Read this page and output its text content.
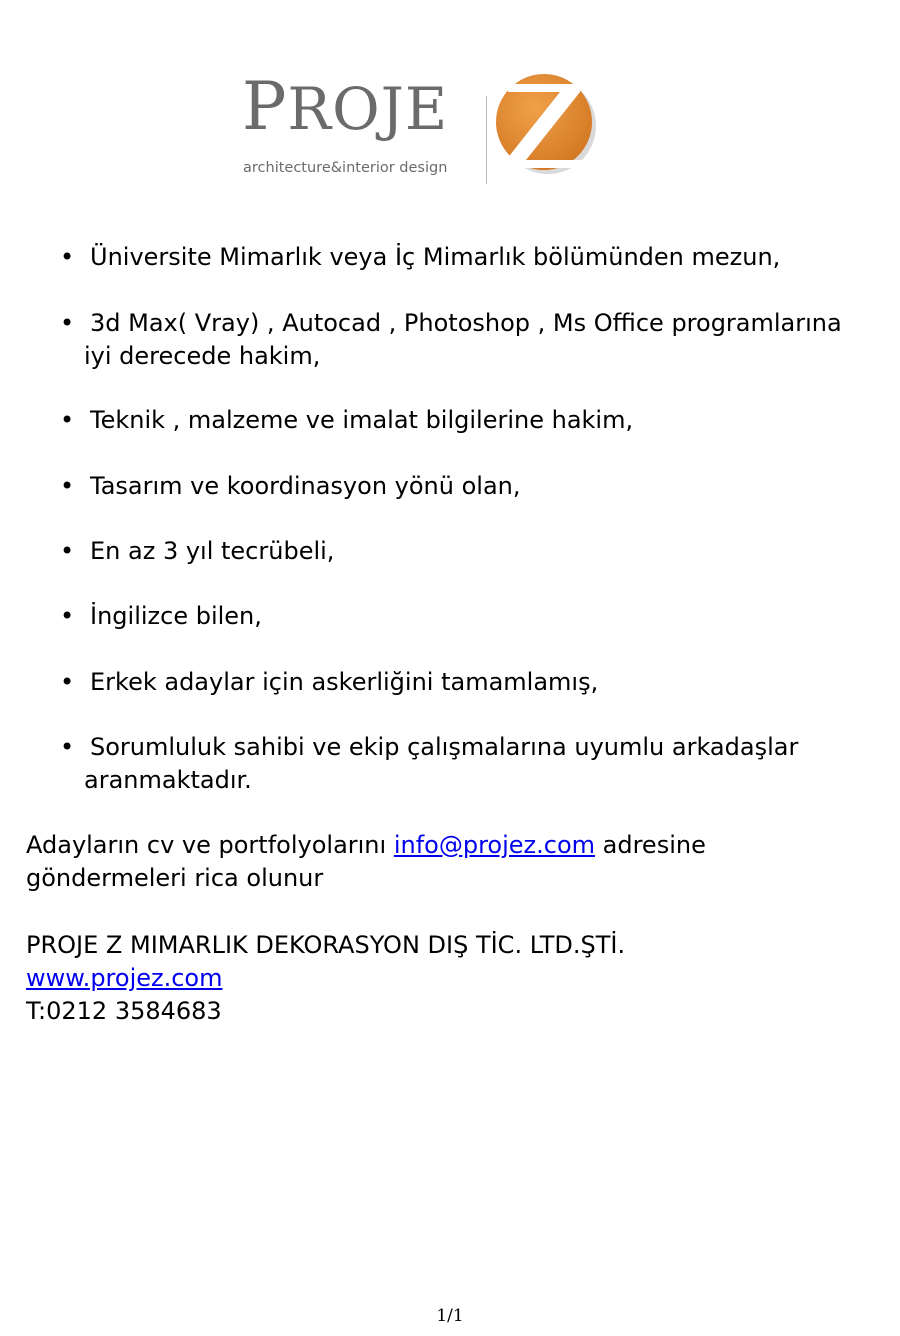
PROJE
architecture&interior design
• Üniversite Mimarlık veya İç Mimarlık bölümünden mezun,
• 3d Max( Vray) , Autocad , Photoshop , Ms Office programlarına
iyi derecede hakim,
• Teknik , malzeme ve imalat bilgilerine hakim,
• Tasarım ve koordinasyon yönü olan,
• En az 3 yıl tecrübeli,
• İngilizce bilen,
• Erkek adaylar için askerliğini tamamlamış,
• Sorumluluk sahibi ve ekip çalışmalarına uyumlu arkadaşlar
aranmaktadır.
Adayların cv ve portfolyolarını info@projez.com adresine
göndermeleri rica olunur
PROJE Z MIMARLIK DEKORASYON DIŞ TİC. LTD.ŞTİ.
www.projez.com
T:0212 3584683
1/1
